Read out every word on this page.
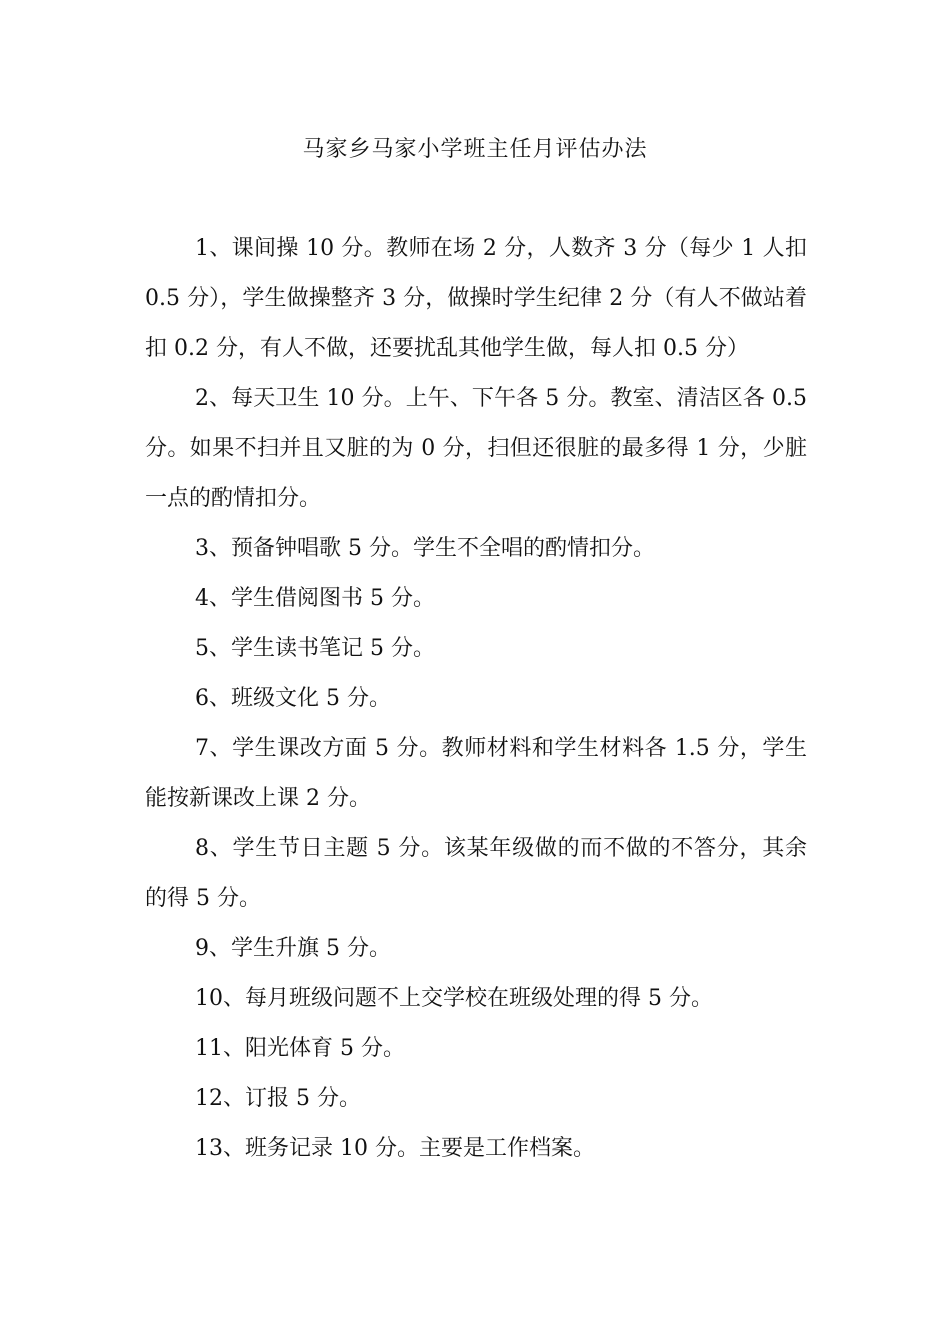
马家乡马家小学班主任月评估办法

1、课间操 10 分。教师在场 2 分，人数齐 3 分（每少 1 人扣 0.5 分），学生做操整齐 3 分，做操时学生纪律 2 分（有人不做站着扣 0.2 分，有人不做，还要扰乱其他学生做，每人扣 0.5 分）

2、每天卫生 10 分。上午、下午各 5 分。教室、清洁区各 0.5 分。如果不扫并且又脏的为 0 分，扫但还很脏的最多得 1 分，少脏一点的酌情扣分。

3、预备钟唱歌 5 分。学生不全唱的酌情扣分。

4、学生借阅图书 5 分。

5、学生读书笔记 5 分。

6、班级文化 5 分。

7、学生课改方面 5 分。教师材料和学生材料各 1.5 分，学生能按新课改上课 2 分。

8、学生节日主题 5 分。该某年级做的而不做的不答分，其余的得 5 分。

9、学生升旗 5 分。

10、每月班级问题不上交学校在班级处理的得 5 分。

11、阳光体育 5 分。

12、订报 5 分。

13、班务记录 10 分。主要是工作档案。
